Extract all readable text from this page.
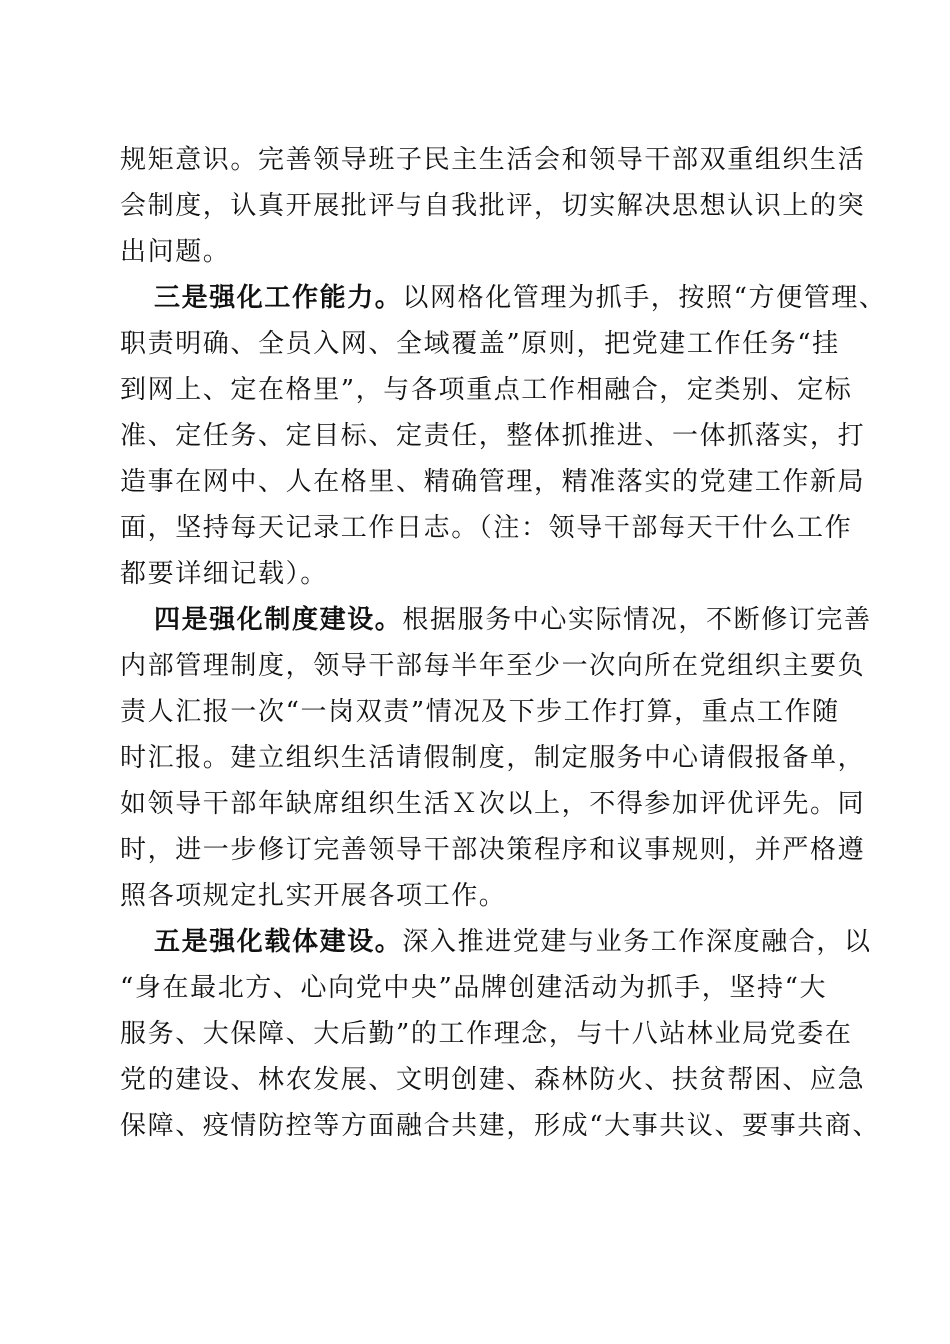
规矩意识。完善领导班子民主生活会和领导干部双重组织生活
会制度，认真开展批评与自我批评，切实解决思想认识上的突
出问题。
三是强化工作能力。以网格化管理为抓手，按照“方便管理、
职责明确、全员入网、全域覆盖”原则，把党建工作任务“挂
到网上、定在格里”，与各项重点工作相融合，定类别、定标
准、定任务、定目标、定责任，整体抓推进、一体抓落实，打
造事在网中、人在格里、精确管理，精准落实的党建工作新局
面，坚持每天记录工作日志。（注：领导干部每天干什么工作
都要详细记载）。
四是强化制度建设。根据服务中心实际情况，不断修订完善
内部管理制度，领导干部每半年至少一次向所在党组织主要负
责人汇报一次“一岗双责”情况及下步工作打算，重点工作随
时汇报。建立组织生活请假制度，制定服务中心请假报备单，
如领导干部年缺席组织生活Ｘ次以上，不得参加评优评先。同
时，进一步修订完善领导干部决策程序和议事规则，并严格遵
照各项规定扎实开展各项工作。
五是强化载体建设。深入推进党建与业务工作深度融合，以
“身在最北方、心向党中央”品牌创建活动为抓手，坚持“大
服务、大保障、大后勤”的工作理念，与十八站林业局党委在
党的建设、林农发展、文明创建、森林防火、扶贫帮困、应急
保障、疫情防控等方面融合共建，形成“大事共议、要事共商、
